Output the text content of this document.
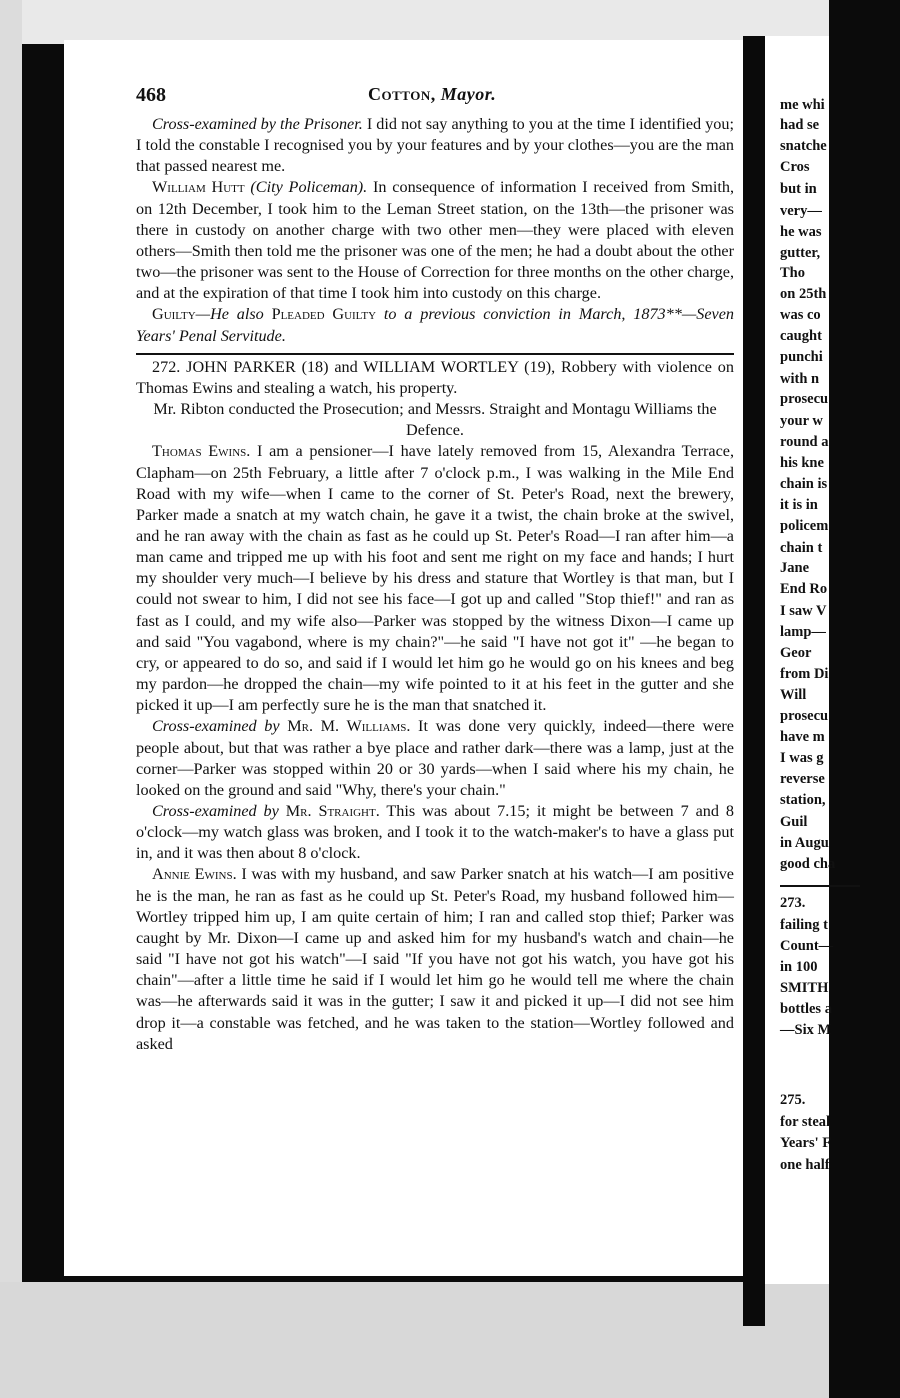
468	Cotton, Mayor.

Cross-examined by the Prisoner. I did not say anything to you at the time I identified you; I told the constable I recognised you by your features and by your clothes—you are the man that passed nearest me.

William Hutt (City Policeman). In consequence of information I received from Smith, on 12th December, I took him to the Leman Street station, on the 13th—the prisoner was there in custody on another charge with two other men—they were placed with eleven others—Smith then told me the prisoner was one of the men; he had a doubt about the other two—the prisoner was sent to the House of Correction for three months on the other charge, and at the expiration of that time I took him into custody on this charge.

Guilty—He also Pleaded Guilty to a previous conviction in March, 1873**—Seven Years' Penal Servitude.

272. JOHN PARKER (18) and WILLIAM WORTLEY (19), Robbery with violence on Thomas Ewins and stealing a watch, his property.

Mr. Ribton conducted the Prosecution; and Messrs. Straight and Montagu Williams the Defence.

Thomas Ewins. I am a pensioner—I have lately removed from 15, Alexandra Terrace, Clapham—on 25th February, a little after 7 o'clock p.m., I was walking in the Mile End Road with my wife—when I came to the corner of St. Peter's Road, next the brewery, Parker made a snatch at my watch chain, he gave it a twist, the chain broke at the swivel, and he ran away with the chain as fast as he could up St. Peter's Road—I ran after him—a man came and tripped me up with his foot and sent me right on my face and hands; I hurt my shoulder very much—I believe by his dress and stature that Wortley is that man, but I could not swear to him, I did not see his face—I got up and called "Stop thief!" and ran as fast as I could, and my wife also—Parker was stopped by the witness Dixon—I came up and said "You vagabond, where is my chain?"—he said "I have not got it" —he began to cry, or appeared to do so, and said if I would let him go he would go on his knees and beg my pardon—he dropped the chain—my wife pointed to it at his feet in the gutter and she picked it up—I am perfectly sure he is the man that snatched it.

Cross-examined by Mr. M. Williams. It was done very quickly, indeed—there were people about, but that was rather a bye place and rather dark—there was a lamp, just at the corner—Parker was stopped within 20 or 30 yards—when I said where his my chain, he looked on the ground and said "Why, there's your chain."

Cross-examined by Mr. Straight. This was about 7.15; it might be between 7 and 8 o'clock—my watch glass was broken, and I took it to the watch-maker's to have a glass put in, and it was then about 8 o'clock.

Annie Ewins. I was with my husband, and saw Parker snatch at his watch—I am positive he is the man, he ran as fast as he could up St. Peter's Road, my husband followed him—Wortley tripped him up, I am quite certain of him; I ran and called stop thief; Parker was caught by Mr. Dixon—I came up and asked him for my husband's watch and chain—he said "I have not got his watch"—I said "If you have not got his watch, you have got his chain"—after a little time he said if I would let him go he would tell me where the chain was—he afterwards said it was in the gutter; I saw it and picked it up—I did not see him drop it—a constable was fetched, and he was taken to the station—Wortley followed and asked

me whi
had se
snatche
Cros
but in
very—
he was
gutter,
Tho
on 25th
was co
caught
punchi
with n
prosecu
your w
round a
his kne
chain is
it is in
policem
chain t
Jane
End Ro
I saw V
lamp—
Geor
from Di
Will
prosecu
have m
I was g
reverse
station,
Guil
in Augu
good cha
273.
failing t
Count—
in 100
SMITH
bottles a
—Six M
275.
for steal
Years' F
one half
